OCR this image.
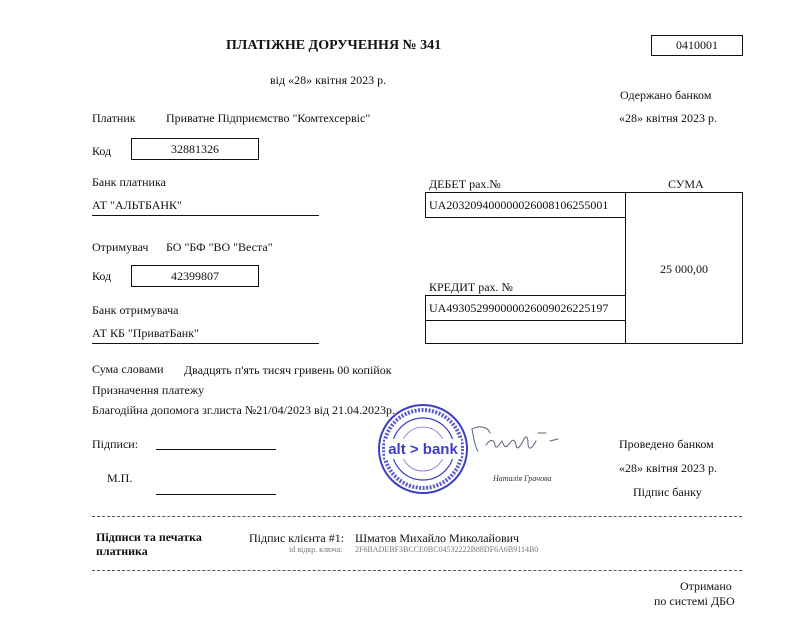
ПЛАТІЖНЕ ДОРУЧЕННЯ № 341	0410001
від «28» квітня 2023 р.
Одержано банком
«28» квітня 2023 р.
Платник	Приватне Підприємство "Комтехсервіс"
Код	32881326
Банк платника
АТ "АЛЬТБАНК"
Отримувач БО "БФ "ВО "Веста"
Код	42399807
Банк отримувача
АТ КБ "ПриватБанк"
ДЕБЕТ рах.№	СУМА
UA203209400000026008106255001
25 000,00
КРЕДИТ рах. №
UA493052990000026009026225197
Сума словами Двадцять п'ять тисяч гривень 00 копійок
Призначення платежу
Благодійна допомога зг.листа №21/04/2023 від 21.04.2023р.
Підписи:
М.П.
alt > bank
Наталія Грачова
Проведено банком
«28» квітня 2023 р.
Підпис банку
Підписи та печатка
платника
Підпис клієнта #1: Шматов Михайло Миколайович
id відкр. ключа: 2F6BADEBF3BCCE0BC04532222B88DF6A6B9114B0
Отримано
по системі ДБО
